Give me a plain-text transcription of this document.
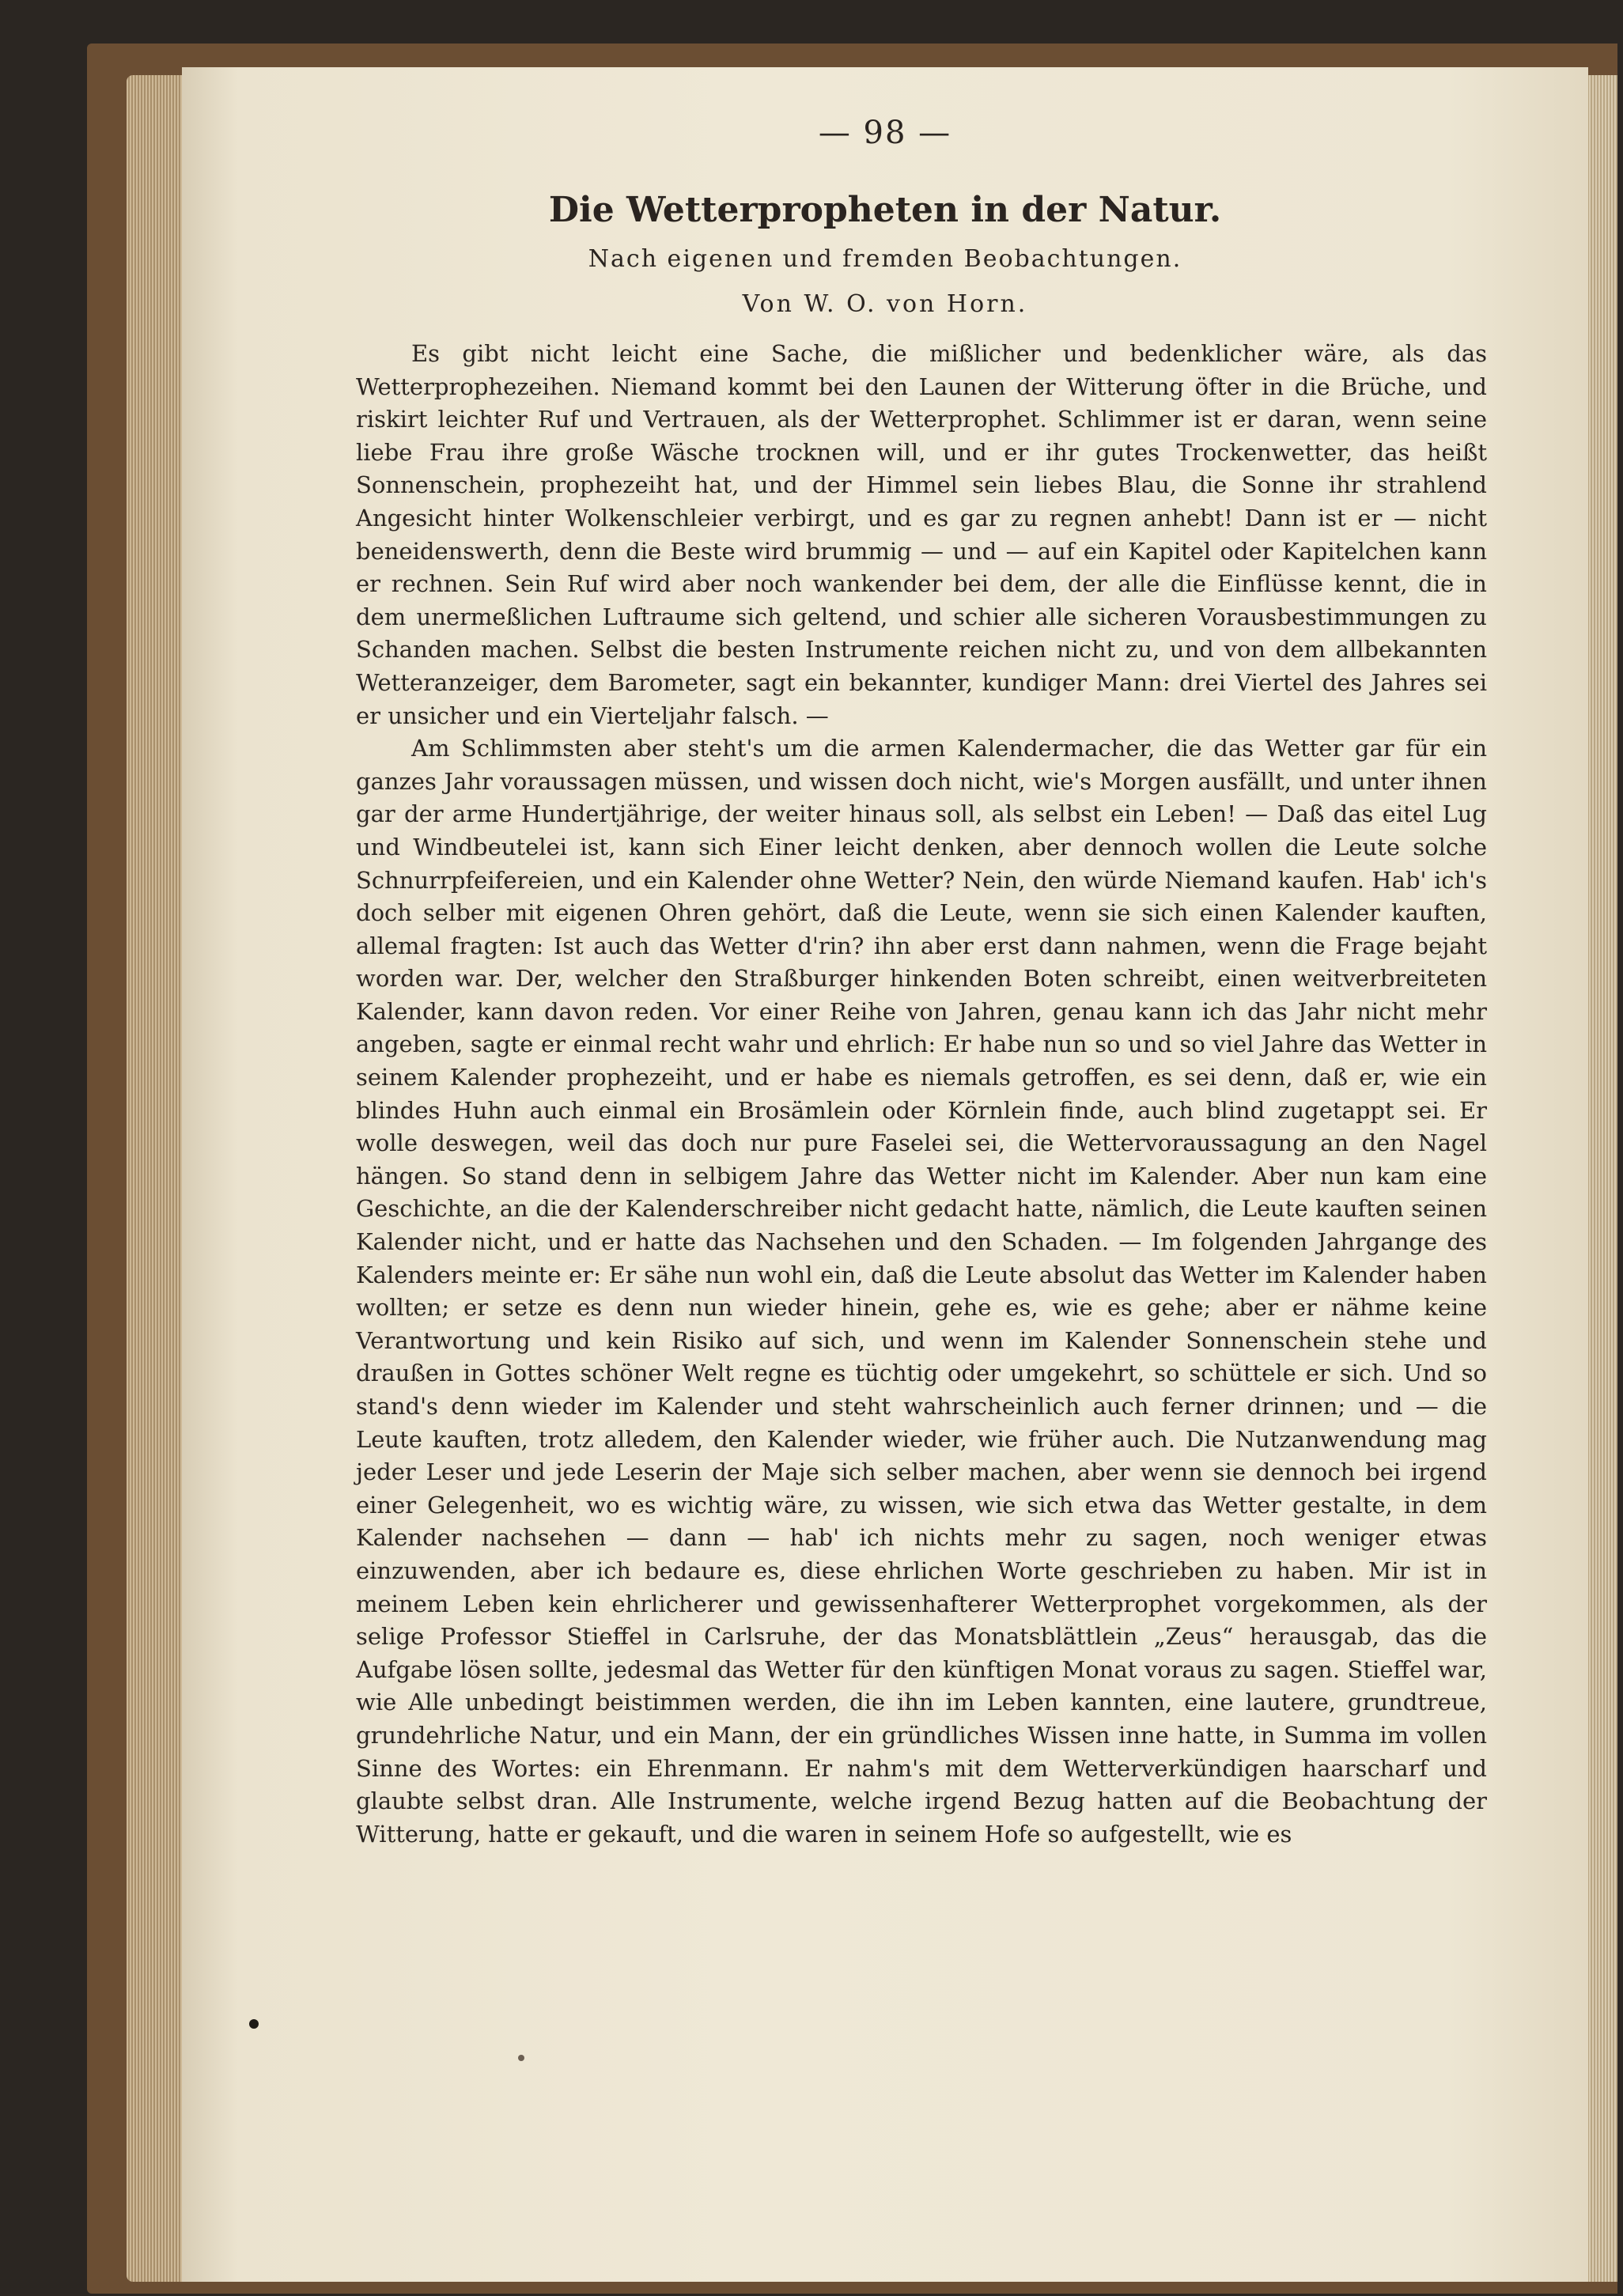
— 98 —
Die Wetterpropheten in der Natur.
Nach eigenen und fremden Beobachtungen.
Von W. O. von Horn.

Es gibt nicht leicht eine Sache, die mißlicher und bedenklicher wäre, als das Wetterprophezeihen. Niemand kommt bei den Launen der Witterung öfter in die Brüche, und riskirt leichter Ruf und Vertrauen, als der Wetterprophet. Schlimmer ist er daran, wenn seine liebe Frau ihre große Wäsche trocknen will, und er ihr gutes Trockenwetter, das heißt Sonnenschein, prophezeiht hat, und der Himmel sein liebes Blau, die Sonne ihr strahlend Angesicht hinter Wolkenschleier verbirgt, und es gar zu regnen anhebt! Dann ist er — nicht beneidenswerth, denn die Beste wird brummig — und — auf ein Kapitel oder Kapitelchen kann er rechnen. Sein Ruf wird aber noch wankender bei dem, der alle die Einflüsse kennt, die in dem unermeßlichen Luftraume sich geltend, und schier alle sicheren Vorausbestimmungen zu Schanden machen. Selbst die besten Instrumente reichen nicht zu, und von dem allbekannten Wetteranzeiger, dem Barometer, sagt ein bekannter, kundiger Mann: drei Viertel des Jahres sei er unsicher und ein Vierteljahr falsch. —

Am Schlimmsten aber steht's um die armen Kalendermacher, die das Wetter gar für ein ganzes Jahr voraussagen müssen, und wissen doch nicht, wie's Morgen ausfällt, und unter ihnen gar der arme Hundertjährige, der weiter hinaus soll, als selbst ein Leben! — Daß das eitel Lug und Windbeutelei ist, kann sich Einer leicht denken, aber dennoch wollen die Leute solche Schnurrpfeifereien, und ein Kalender ohne Wetter? Nein, den würde Niemand kaufen. Hab' ich's doch selber mit eigenen Ohren gehört, daß die Leute, wenn sie sich einen Kalender kauften, allemal fragten: Ist auch das Wetter d'rin? ihn aber erst dann nahmen, wenn die Frage bejaht worden war. Der, welcher den Straßburger hinkenden Boten schreibt, einen weitverbreiteten Kalender, kann davon reden. Vor einer Reihe von Jahren, genau kann ich das Jahr nicht mehr angeben, sagte er einmal recht wahr und ehrlich: Er habe nun so und so viel Jahre das Wetter in seinem Kalender prophezeiht, und er habe es niemals getroffen, es sei denn, daß er, wie ein blindes Huhn auch einmal ein Brosämlein oder Körnlein finde, auch blind zugetappt sei. Er wolle deswegen, weil das doch nur pure Faselei sei, die Wettervoraussagung an den Nagel hängen. So stand denn in selbigem Jahre das Wetter nicht im Kalender. Aber nun kam eine Geschichte, an die der Kalenderschreiber nicht gedacht hatte, nämlich, die Leute kauften seinen Kalender nicht, und er hatte das Nachsehen und den Schaden. — Im folgenden Jahrgange des Kalenders meinte er: Er sähe nun wohl ein, daß die Leute absolut das Wetter im Kalender haben wollten; er setze es denn nun wieder hinein, gehe es, wie es gehe; aber er nähme keine Verantwortung und kein Risiko auf sich, und wenn im Kalender Sonnenschein stehe und draußen in Gottes schöner Welt regne es tüchtig oder umgekehrt, so schüttele er sich. Und so stand's denn wieder im Kalender und steht wahrscheinlich auch ferner drinnen; und — die Leute kauften, trotz alledem, den Kalender wieder, wie früher auch. Die Nutzanwendung mag jeder Leser und jede Leserin der Maje sich selber machen, aber wenn sie dennoch bei irgend einer Gelegenheit, wo es wichtig wäre, zu wissen, wie sich etwa das Wetter gestalte, in dem Kalender nachsehen — dann — hab' ich nichts mehr zu sagen, noch weniger etwas einzuwenden, aber ich bedaure es, diese ehrlichen Worte geschrieben zu haben. Mir ist in meinem Leben kein ehrlicherer und gewissenhafterer Wetterprophet vorgekommen, als der selige Professor Stieffel in Carlsruhe, der das Monatsblättlein „Zeus“ herausgab, das die Aufgabe lösen sollte, jedesmal das Wetter für den künftigen Monat voraus zu sagen. Stieffel war, wie Alle unbedingt beistimmen werden, die ihn im Leben kannten, eine lautere, grundtreue, grundehrliche Natur, und ein Mann, der ein gründliches Wissen inne hatte, in Summa im vollen Sinne des Wortes: ein Ehrenmann. Er nahm's mit dem Wetterverkündigen haarscharf und glaubte selbst dran. Alle Instrumente, welche irgend Bezug hatten auf die Beobachtung der Witterung, hatte er gekauft, und die waren in seinem Hofe so aufgestellt, wie es
